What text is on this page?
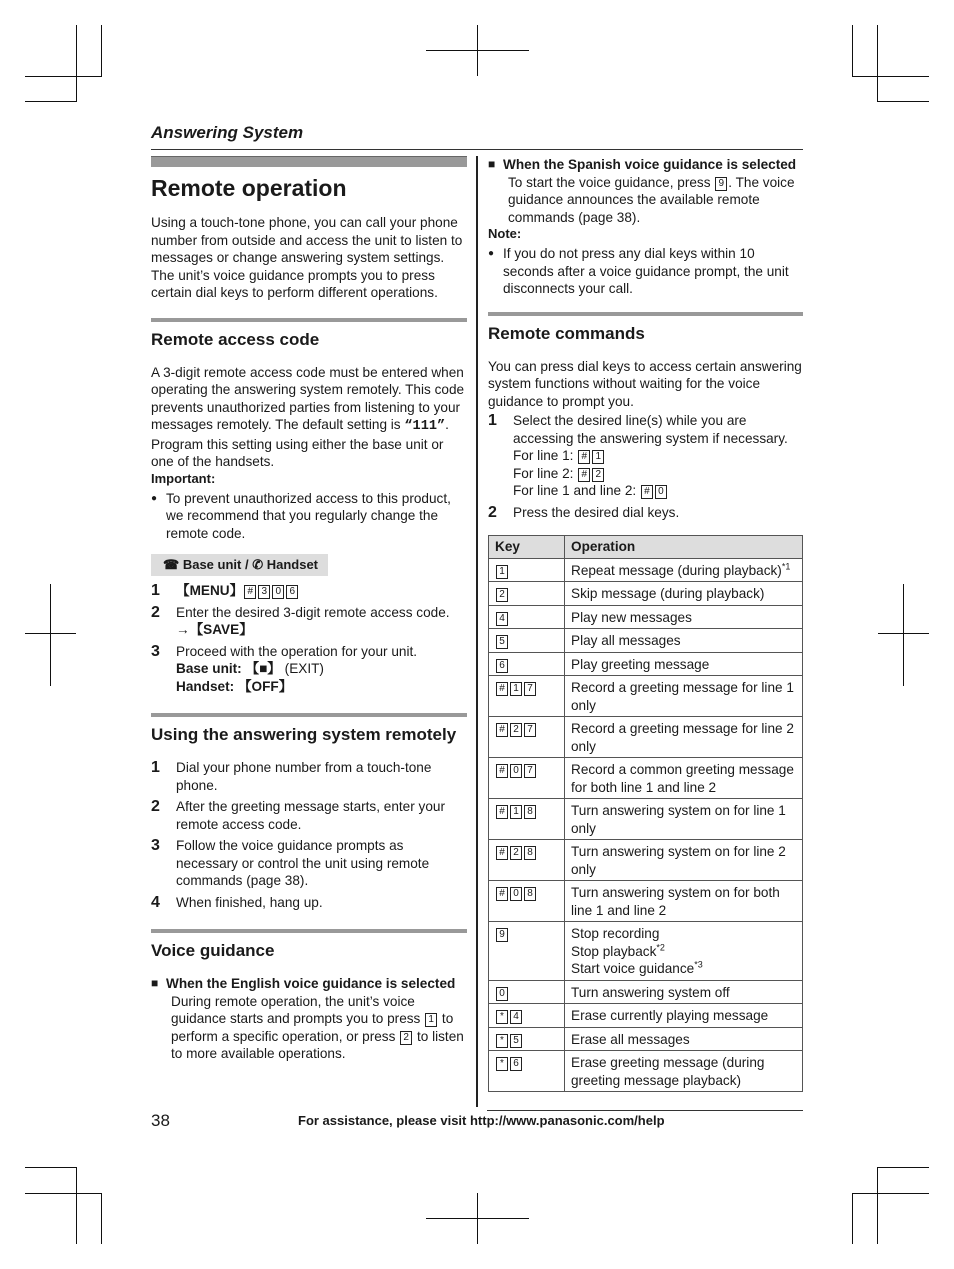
Answering System
Remote operation

Using a touch-tone phone, you can call your phone number from outside and access the unit to listen to messages or change answering system settings. The unit’s voice guidance prompts you to press certain dial keys to perform different operations.

Remote access code

A 3-digit remote access code must be entered when operating the answering system remotely. This code prevents unauthorized parties from listening to your messages remotely. The default setting is “111”.

Program this setting using either the base unit or one of the handsets.

Important:
● To prevent unauthorized access to this product, we recommend that you regularly change the remote code.
☎ Base unit / ✆ Handset
1	【MENU】 # 3 0 6
2	Enter the desired 3-digit remote access code.
→【SAVE】
3	Proceed with the operation for your unit.
Base unit: 【■】 (EXIT)
Handset: 【OFF】
Using the answering system remotely
1	Dial your phone number from a touch-tone phone.
2	After the greeting message starts, enter your remote access code.
3	Follow the voice guidance prompts as necessary or control the unit using remote commands (page 38).
4	When finished, hang up.
Voice guidance
■ When the English voice guidance is selected
During remote operation, the unit’s voice guidance starts and prompts you to press 1 to perform a specific operation, or press 2 to listen to more available operations.
■ When the Spanish voice guidance is selected
To start the voice guidance, press 9 . The voice guidance announces the available remote commands (page 38).
Note:
● If you do not press any dial keys within 10 seconds after a voice guidance prompt, the unit disconnects your call.
Remote commands

You can press dial keys to access certain answering system functions without waiting for the voice guidance to prompt you.

1	Select the desired line(s) while you are accessing the answering system if necessary.
For line 1: # 1
For line 2: # 2
For line 1 and line 2: # 0
2	Press the desired dial keys.
Key	Operation
1	Repeat message (during playback)$^{*1}$
2	Skip message (during playback)
4	Play new messages
5	Play all messages
6	Play greeting message
# 1 7	Record a greeting message for line 1 only
# 2 7	Record a greeting message for line 2 only
# 0 7	Record a common greeting message for both line 1 and line 2
# 1 8	Turn answering system on for line 1 only
# 2 8	Turn answering system on for line 2 only
# 0 8	Turn answering system on for both line 1 and line 2
9	Stop recording
Stop playback$^{*2}$
Start voice guidance$^{*3}$
0	Turn answering system off
* 4	Erase currently playing message
* 5	Erase all messages
* 6	Erase greeting message (during greeting message playback)
38	For assistance, please visit http://www.panasonic.com/help
